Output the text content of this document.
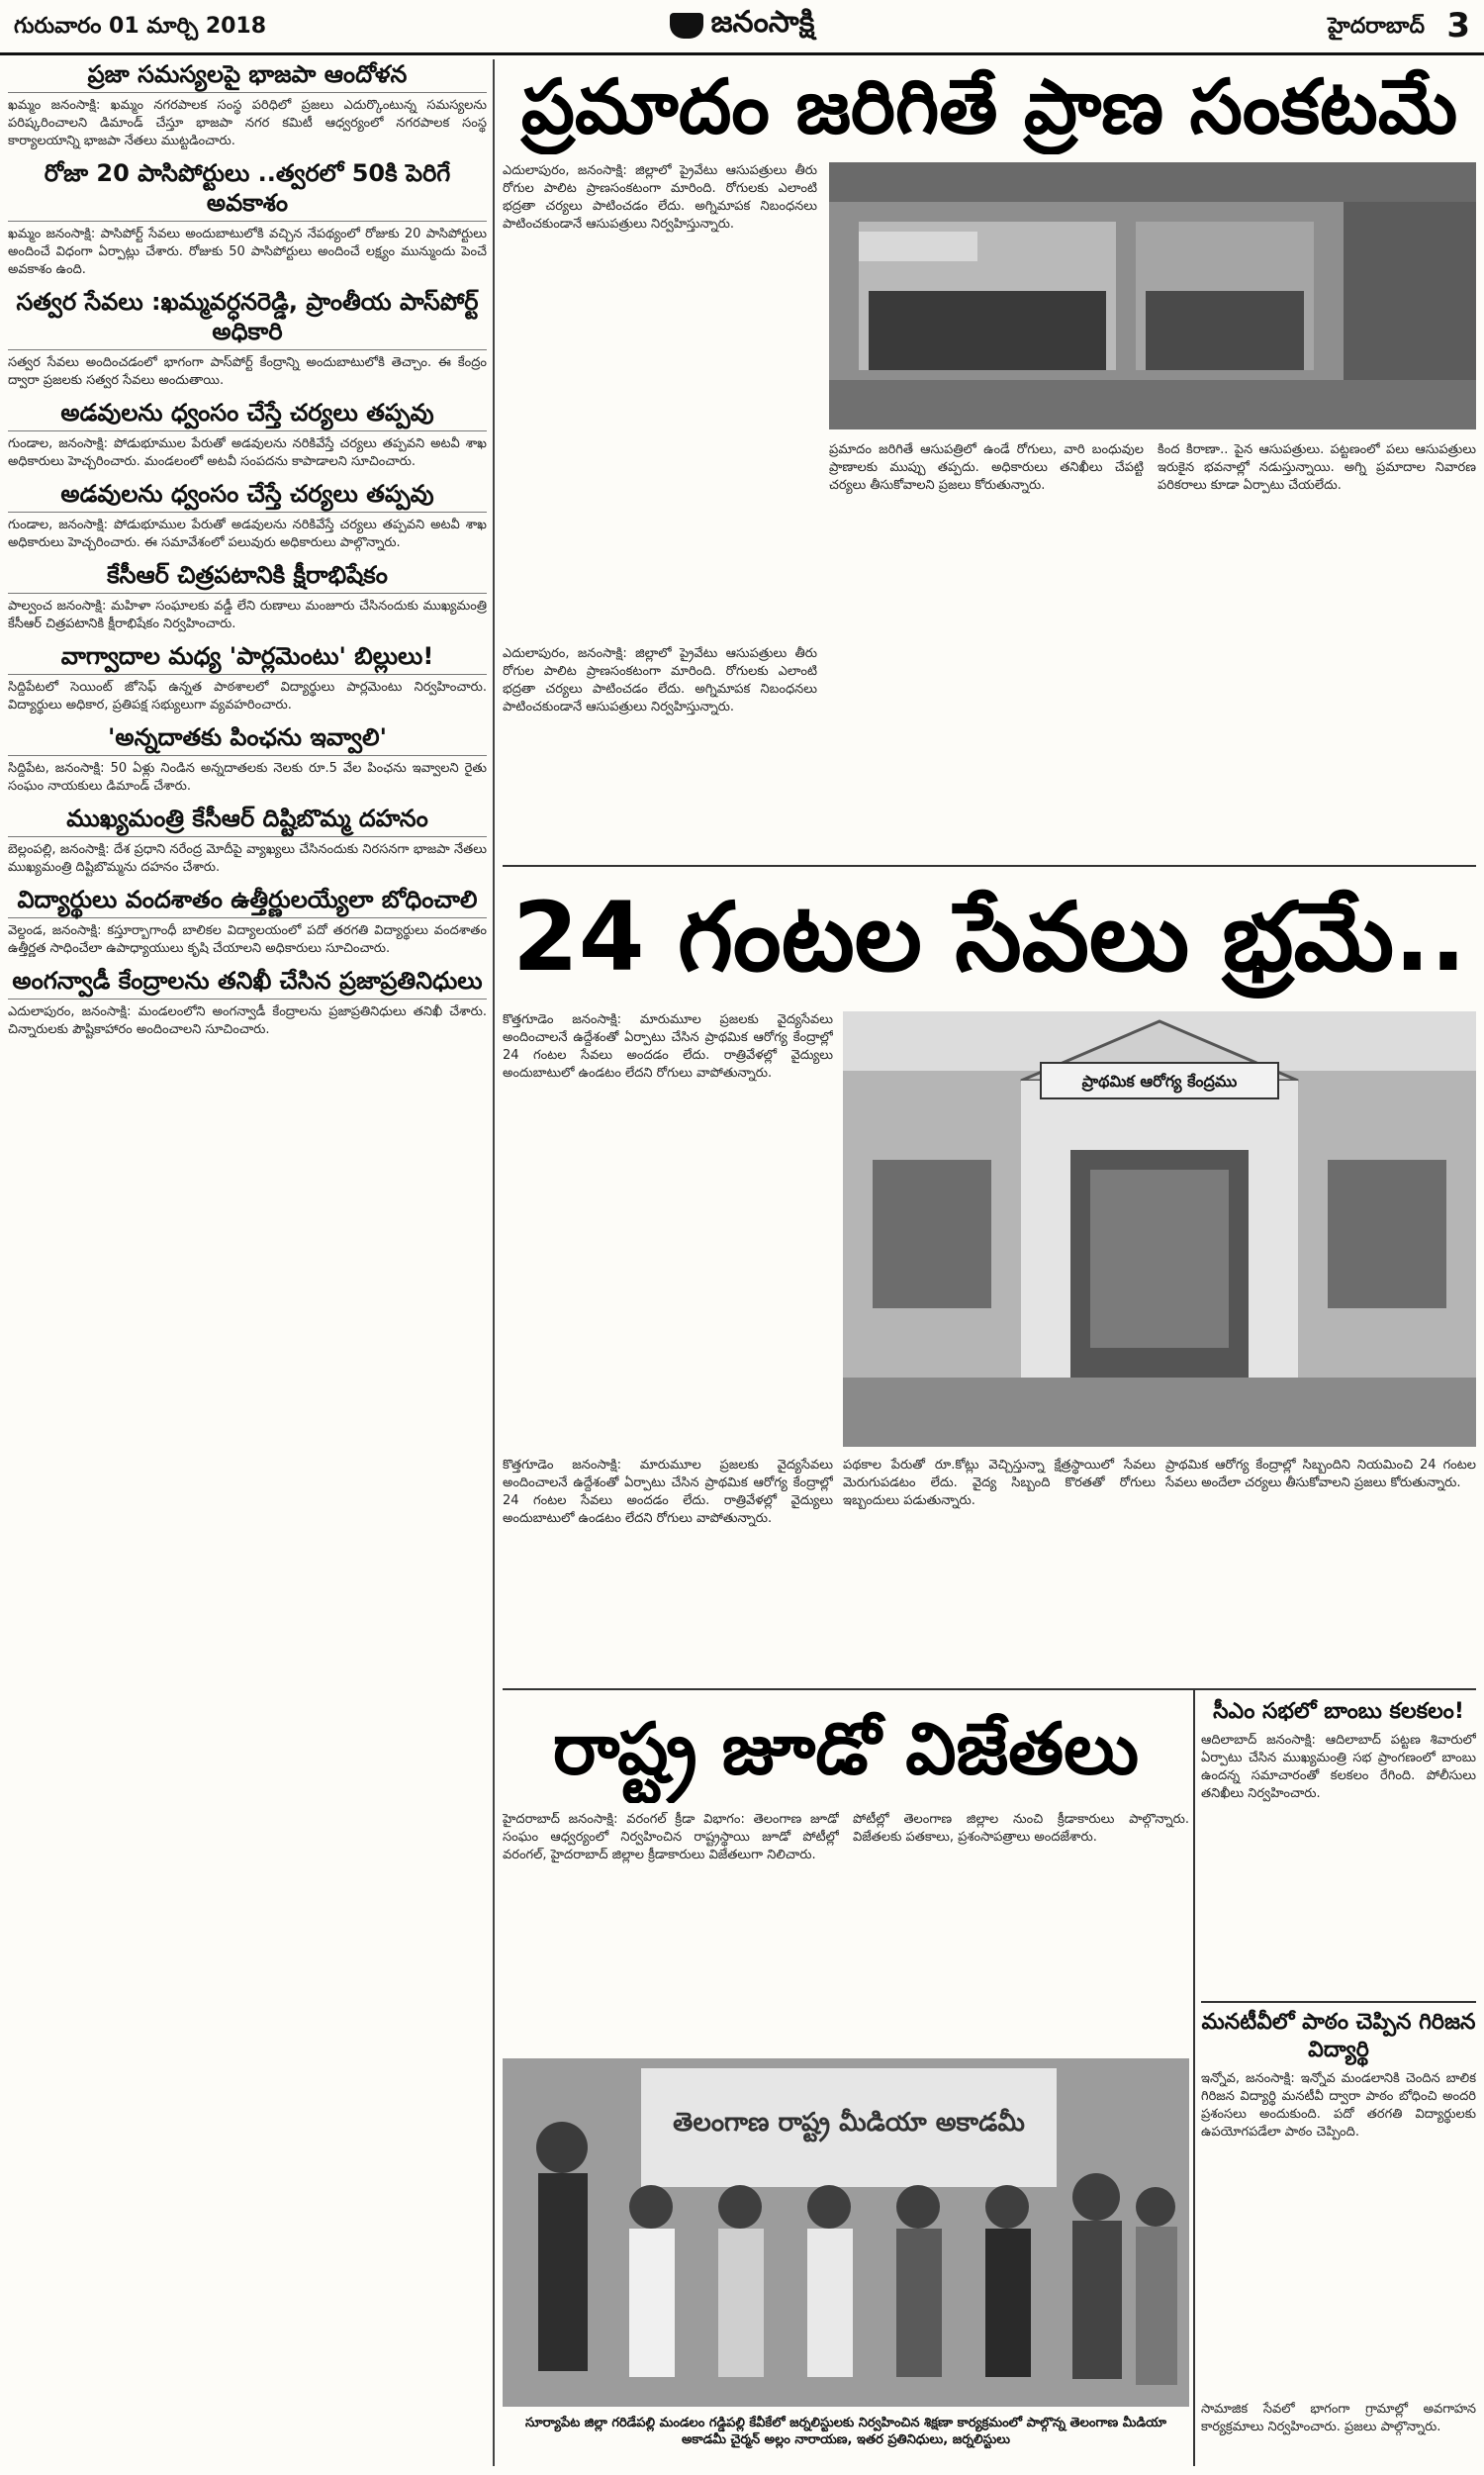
గురువారం 01 మార్చి 2018	జనంసాక్షి	హైదరాబాద్ 3
ప్రజా సమస్యలపై భాజపా ఆందోళన

ఖమ్మం జనంసాక్షి: ఖమ్మం నగరపాలక సంస్థ పరిధిలో ప్రజలు ఎదుర్కొంటున్న సమస్యలను పరిష్కరించాలని డిమాండ్ చేస్తూ భాజపా నగర కమిటీ ఆధ్వర్యంలో నగరపాలక సంస్థ కార్యాలయాన్ని భాజపా నేతలు ముట్టడించారు.

రోజా 20 పాసిపోర్టులు ..త్వరలో 50కి పెరిగే అవకాశం

ఖమ్మం జనంసాక్షి: పాసిపోర్ట్ సేవలు అందుబాటులోకి వచ్చిన నేపథ్యంలో రోజుకు 20 పాసిపోర్టులు అందించే విధంగా ఏర్పాట్లు చేశారు. రోజుకు 50 పాసిపోర్టులు అందించే లక్ష్యం మున్ముందు పెంచే అవకాశం ఉంది.

సత్వర సేవలు :ఖమ్మవర్ధనరెడ్డి, ప్రాంతీయ పాస్‌పోర్ట్ అధికారి

సత్వర సేవలు అందించడంలో భాగంగా పాస్‌పోర్ట్ కేంద్రాన్ని అందుబాటులోకి తెచ్చాం. ఈ కేంద్రం ద్వారా ప్రజలకు సత్వర సేవలు అందుతాయి.

అడవులను ధ్వంసం చేస్తే చర్యలు తప్పవు

గుండాల, జనంసాక్షి: పోడుభూముల పేరుతో అడవులను నరికివేస్తే చర్యలు తప్పవని అటవీ శాఖ అధికారులు హెచ్చరించారు. మండలంలో అటవీ సంపదను కాపాడాలని సూచించారు.

అడవులను ధ్వంసం చేస్తే చర్యలు తప్పవు

గుండాల, జనంసాక్షి: పోడుభూముల పేరుతో అడవులను నరికివేస్తే చర్యలు తప్పవని అటవీ శాఖ అధికారులు హెచ్చరించారు. ఈ సమావేశంలో పలువురు అధికారులు పాల్గొన్నారు.

కేసీఆర్ చిత్రపటానికి క్షీరాభిషేకం

పాల్వంచ జనంసాక్షి: మహిళా సంఘాలకు వడ్డీ లేని రుణాలు మంజూరు చేసినందుకు ముఖ్యమంత్రి కేసీఆర్ చిత్రపటానికి క్షీరాభిషేకం నిర్వహించారు.

వాగ్వాదాల మధ్య 'పార్లమెంటు' బిల్లులు!

సిద్దిపేటలో సెయింట్ జోసెఫ్ ఉన్నత పాఠశాలలో విద్యార్థులు పార్లమెంటు నిర్వహించారు. విద్యార్థులు అధికార, ప్రతిపక్ష సభ్యులుగా వ్యవహరించారు.

'అన్నదాతకు పింఛను ఇవ్వాలి'

సిద్దిపేట, జనంసాక్షి: 50 ఏళ్లు నిండిన అన్నదాతలకు నెలకు రూ.5 వేల పింఛను ఇవ్వాలని రైతు సంఘం నాయకులు డిమాండ్ చేశారు.

ముఖ్యమంత్రి కేసీఆర్ దిష్టిబొమ్మ దహనం

బెల్లంపల్లి, జనంసాక్షి: దేశ ప్రధాని నరేంద్ర మోదీపై వ్యాఖ్యలు చేసినందుకు నిరసనగా భాజపా నేతలు ముఖ్యమంత్రి దిష్టిబొమ్మను దహనం చేశారు.

విద్యార్థులు వందశాతం ఉత్తీర్ణులయ్యేలా బోధించాలి

వెల్దండ, జనంసాక్షి: కస్తూర్బాగాంధీ బాలికల విద్యాలయంలో పదో తరగతి విద్యార్థులు వందశాతం ఉత్తీర్ణత సాధించేలా ఉపాధ్యాయులు కృషి చేయాలని అధికారులు సూచించారు.

అంగన్వాడీ కేంద్రాలను తనిఖీ చేసిన ప్రజాప్రతినిధులు

ఎదులాపురం, జనంసాక్షి: మండలంలోని అంగన్వాడీ కేంద్రాలను ప్రజాప్రతినిధులు తనిఖీ చేశారు. చిన్నారులకు పౌష్టికాహారం అందించాలని సూచించారు.

ప్రమాదం జరిగితే ప్రాణ సంకటమే
ఎదులాపురం, జనంసాక్షి: జిల్లాలో ప్రైవేటు ఆసుపత్రులు తీరు రోగుల పాలిట ప్రాణసంకటంగా మారింది. రోగులకు ఎలాంటి భద్రతా చర్యలు పాటించడం లేదు. అగ్నిమాపక నిబంధనలు పాటించకుండానే ఆసుపత్రులు నిర్వహిస్తున్నారు.
ప్రమాదం జరిగితే ఆసుపత్రిలో ఉండే రోగులు, వారి బంధువుల ప్రాణాలకు ముప్పు తప్పదు. అధికారులు తనిఖీలు చేపట్టి చర్యలు తీసుకోవాలని ప్రజలు కోరుతున్నారు.
కింద కిరాణా.. పైన ఆసుపత్రులు. పట్టణంలో పలు ఆసుపత్రులు ఇరుకైన భవనాల్లో నడుస్తున్నాయి. అగ్ని ప్రమాదాల నివారణ పరికరాలు కూడా ఏర్పాటు చేయలేదు.
ఎదులాపురం, జనంసాక్షి: జిల్లాలో ప్రైవేటు ఆసుపత్రులు తీరు రోగుల పాలిట ప్రాణసంకటంగా మారింది. రోగులకు ఎలాంటి భద్రతా చర్యలు పాటించడం లేదు. అగ్నిమాపక నిబంధనలు పాటించకుండానే ఆసుపత్రులు నిర్వహిస్తున్నారు.
24 గంటల సేవలు భ్రమే..
కొత్తగూడెం జనంసాక్షి: మారుమూల ప్రజలకు వైద్యసేవలు అందించాలనే ఉద్దేశంతో ఏర్పాటు చేసిన ప్రాథమిక ఆరోగ్య కేంద్రాల్లో 24 గంటల సేవలు అందడం లేదు. రాత్రివేళల్లో వైద్యులు అందుబాటులో ఉండటం లేదని రోగులు వాపోతున్నారు.	ప్రాథమిక ఆరోగ్య కేంద్రము
కొత్తగూడెం జనంసాక్షి: మారుమూల ప్రజలకు వైద్యసేవలు అందించాలనే ఉద్దేశంతో ఏర్పాటు చేసిన ప్రాథమిక ఆరోగ్య కేంద్రాల్లో 24 గంటల సేవలు అందడం లేదు. రాత్రివేళల్లో వైద్యులు అందుబాటులో ఉండటం లేదని రోగులు వాపోతున్నారు.
పథకాల పేరుతో రూ.కోట్లు వెచ్చిస్తున్నా క్షేత్రస్థాయిలో సేవలు మెరుగుపడటం లేదు. వైద్య సిబ్బంది కొరతతో రోగులు ఇబ్బందులు పడుతున్నారు.
ప్రాథమిక ఆరోగ్య కేంద్రాల్లో సిబ్బందిని నియమించి 24 గంటల సేవలు అందేలా చర్యలు తీసుకోవాలని ప్రజలు కోరుతున్నారు.
రాష్ట్ర జూడో విజేతలు
హైదరాబాద్ జనంసాక్షి: వరంగల్ క్రీడా విభాగం: తెలంగాణ జూడో సంఘం ఆధ్వర్యంలో నిర్వహించిన రాష్ట్రస్థాయి జూడో పోటీల్లో వరంగల్, హైదరాబాద్ జిల్లాల క్రీడాకారులు విజేతలుగా నిలిచారు.
పోటీల్లో తెలంగాణ జిల్లాల నుంచి క్రీడాకారులు పాల్గొన్నారు. విజేతలకు పతకాలు, ప్రశంసాపత్రాలు అందజేశారు.
తెలంగాణ రాష్ట్ర మీడియా అకాడమీ
సూర్యాపేట జిల్లా గరిడేపల్లి మండలం గడ్డిపల్లి కేవీకేలో జర్నలిస్టులకు నిర్వహించిన శిక్షణా కార్యక్రమంలో పాల్గొన్న తెలంగాణ మీడియా అకాడమీ చైర్మన్ అల్లం నారాయణ, ఇతర ప్రతినిధులు, జర్నలిస్టులు
సీఎం సభలో బాంబు కలకలం!
ఆదిలాబాద్ జనంసాక్షి: ఆదిలాబాద్ పట్టణ శివారులో ఏర్పాటు చేసిన ముఖ్యమంత్రి సభ ప్రాంగణంలో బాంబు ఉందన్న సమాచారంతో కలకలం రేగింది. పోలీసులు తనిఖీలు నిర్వహించారు.
మనటీవీలో పాఠం చెప్పిన గిరిజన విద్యార్థి
ఇన్నోవ, జనంసాక్షి: ఇన్నోవ మండలానికి చెందిన బాలిక గిరిజన విద్యార్థి మనటీవీ ద్వారా పాఠం బోధించి అందరి ప్రశంసలు అందుకుంది. పదో తరగతి విద్యార్థులకు ఉపయోగపడేలా పాఠం చెప్పింది.
సామాజిక సేవలో భాగంగా గ్రామాల్లో అవగాహన కార్యక్రమాలు నిర్వహించారు. ప్రజలు పాల్గొన్నారు.
